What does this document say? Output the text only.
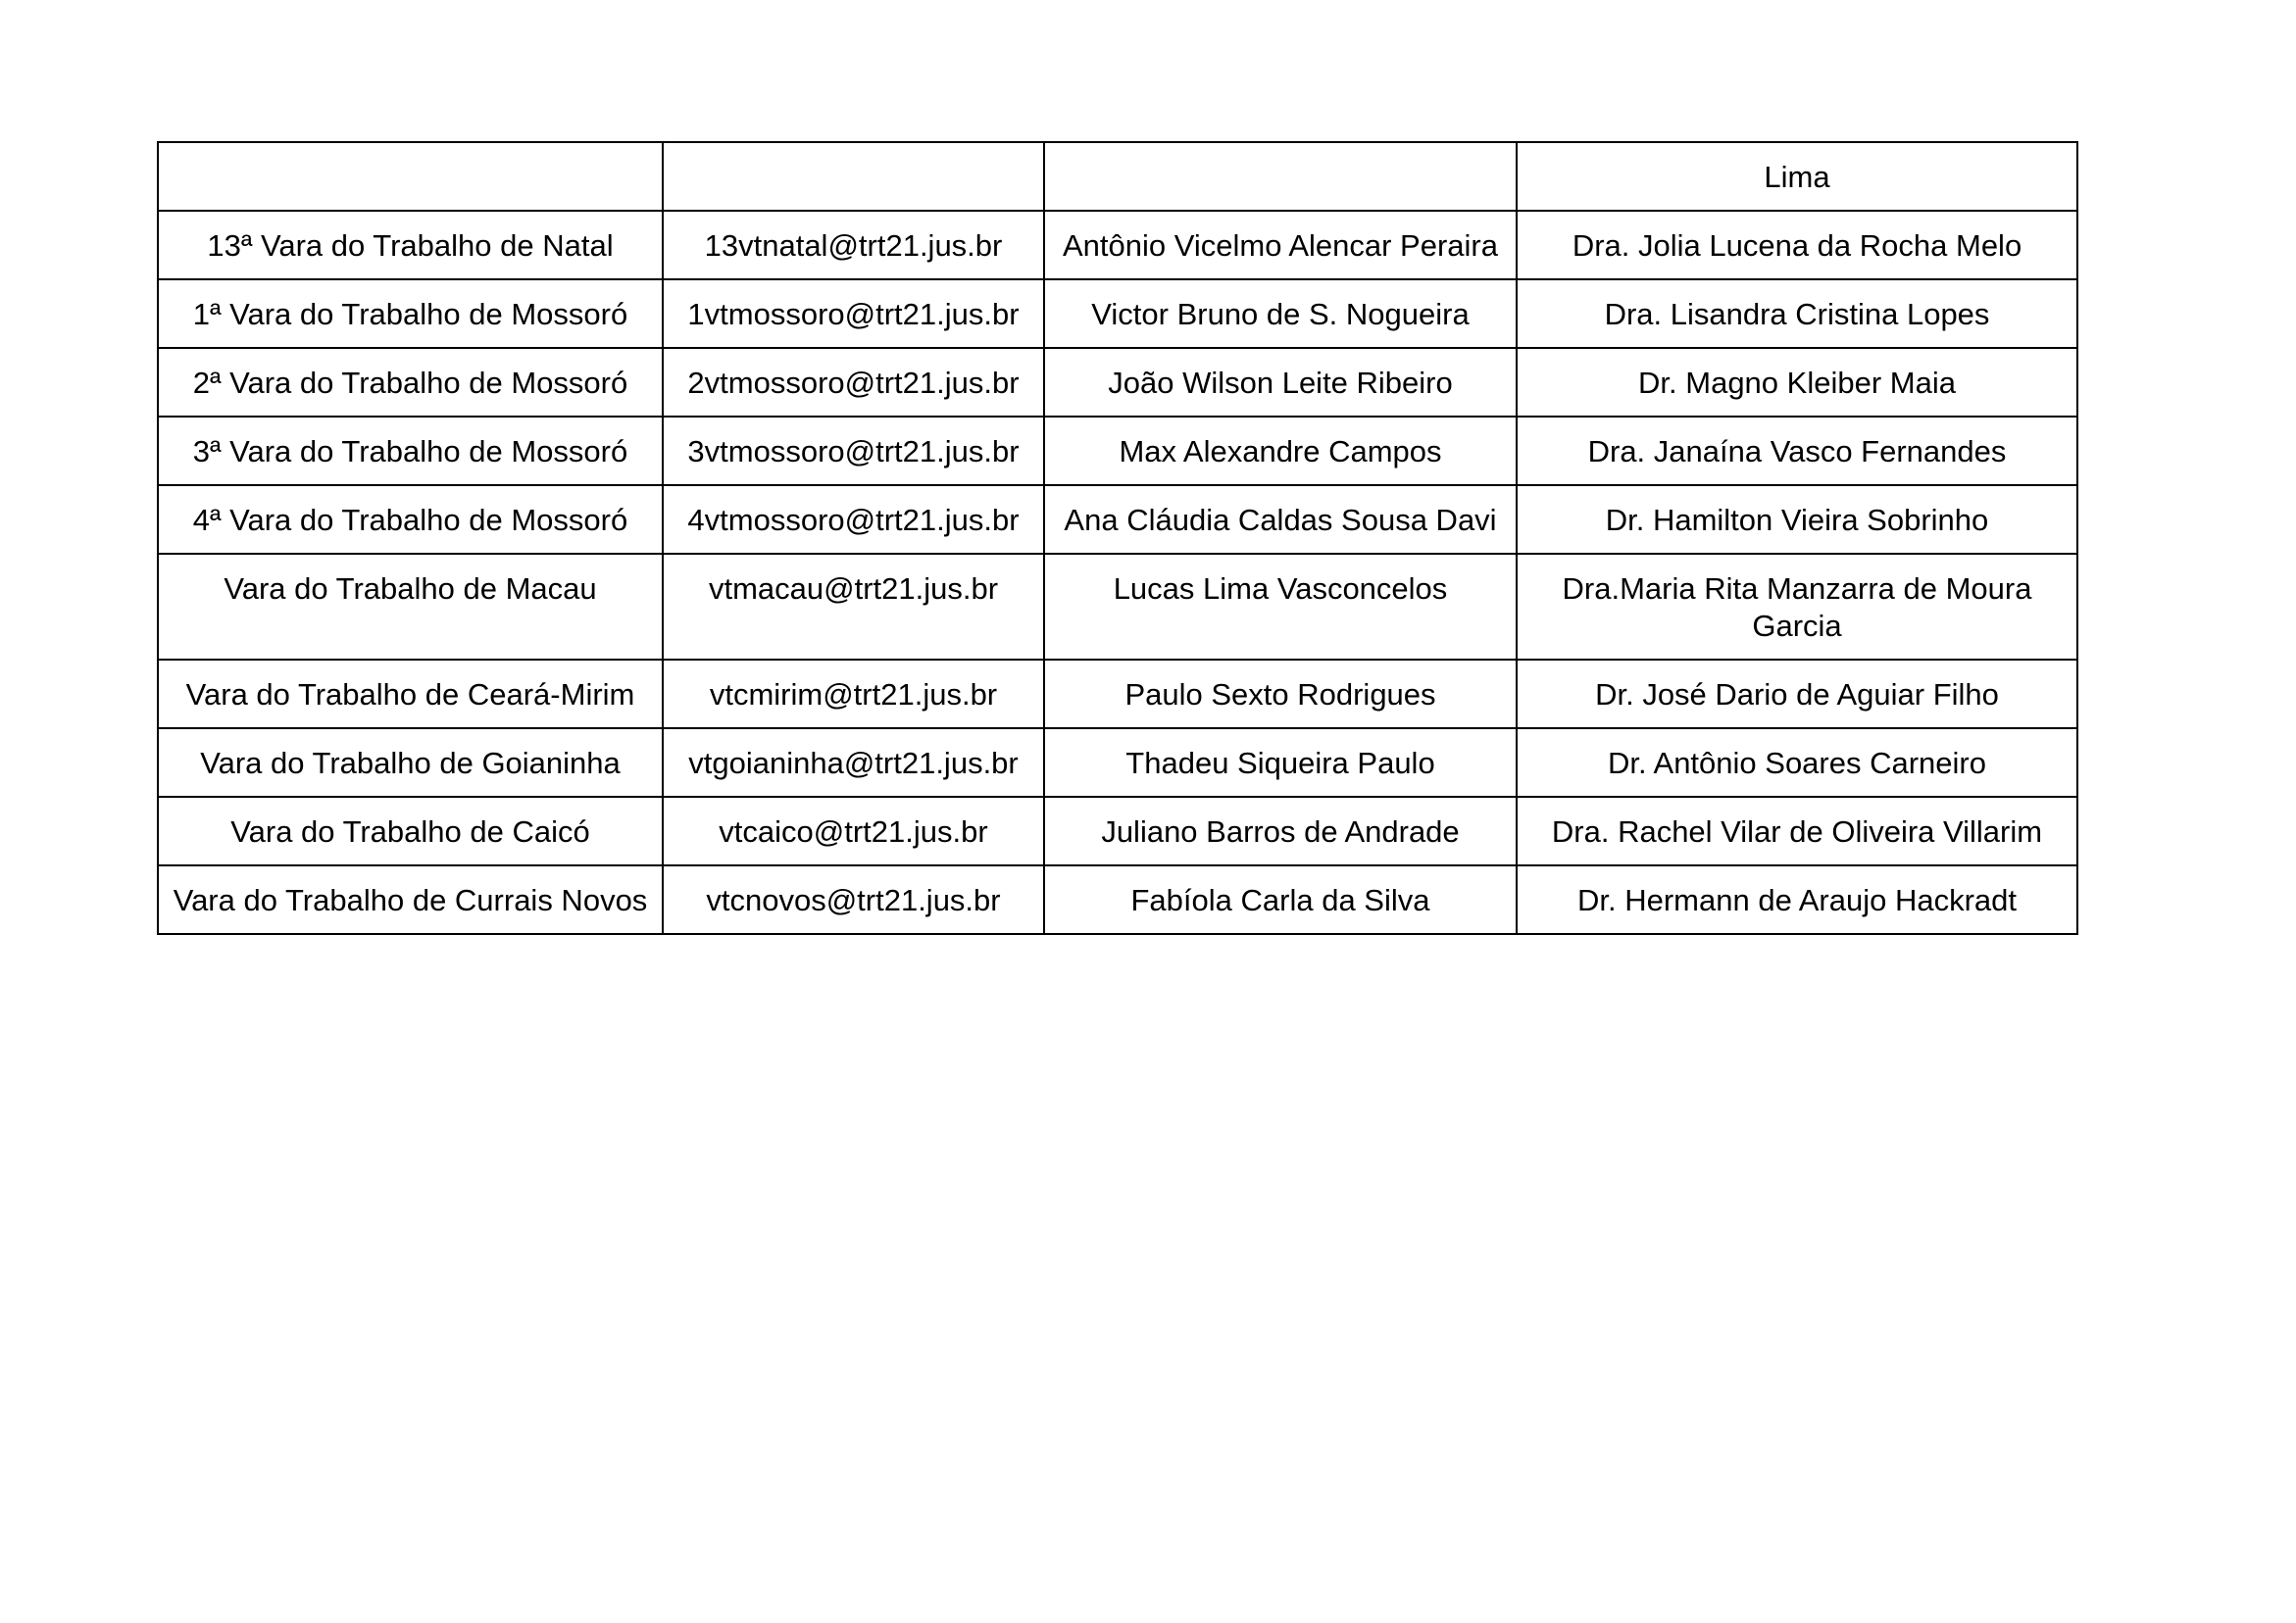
			Lima
13ª Vara do Trabalho de Natal	13vtnatal@trt21.jus.br	Antônio Vicelmo Alencar Peraira	Dra. Jolia Lucena da Rocha Melo
1ª Vara do Trabalho de Mossoró	1vtmossoro@trt21.jus.br	Victor Bruno de S. Nogueira	Dra. Lisandra Cristina Lopes
2ª Vara do Trabalho de Mossoró	2vtmossoro@trt21.jus.br	João Wilson Leite Ribeiro	Dr. Magno Kleiber Maia
3ª Vara do Trabalho de Mossoró	3vtmossoro@trt21.jus.br	Max Alexandre Campos	Dra. Janaína Vasco Fernandes
4ª Vara do Trabalho de Mossoró	4vtmossoro@trt21.jus.br	Ana Cláudia Caldas Sousa Davi	Dr. Hamilton Vieira Sobrinho
Vara do Trabalho de Macau	vtmacau@trt21.jus.br	Lucas Lima Vasconcelos	Dra.Maria Rita Manzarra de Moura Garcia
Vara do Trabalho de Ceará-Mirim	vtcmirim@trt21.jus.br	Paulo Sexto Rodrigues	Dr. José Dario de Aguiar Filho
Vara do Trabalho de Goianinha	vtgoianinha@trt21.jus.br	Thadeu Siqueira Paulo	Dr. Antônio Soares Carneiro
Vara do Trabalho de Caicó	vtcaico@trt21.jus.br	Juliano Barros de Andrade	Dra. Rachel Vilar de Oliveira Villarim
Vara do Trabalho de Currais Novos	vtcnovos@trt21.jus.br	Fabíola Carla da Silva	Dr. Hermann de Araujo Hackradt
